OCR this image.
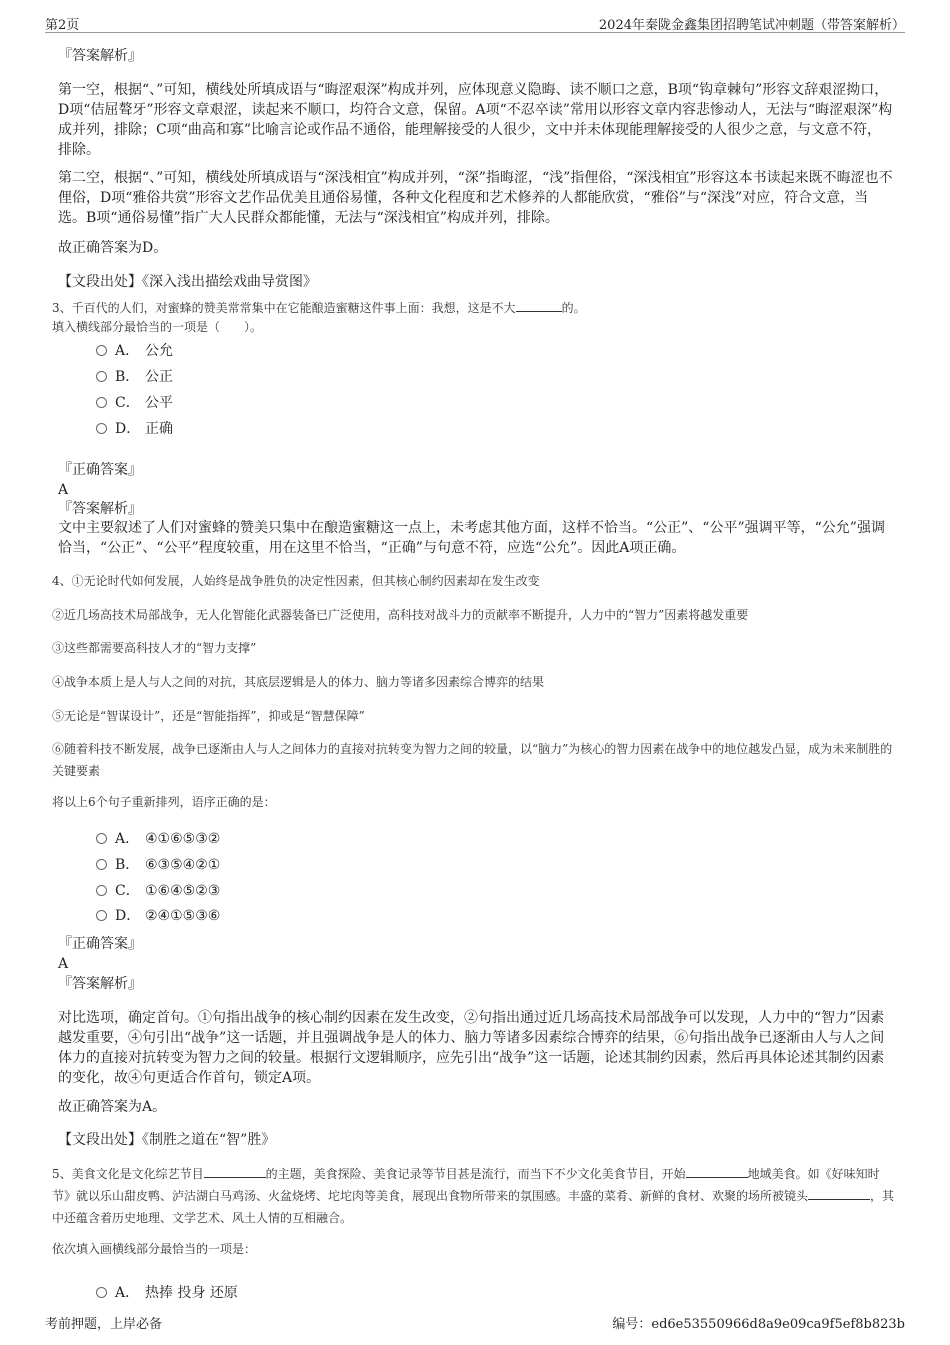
第2页	2024年秦陇金鑫集团招聘笔试冲刺题（带答案解析）
『答案解析』
第一空，根据“、”可知，横线处所填成语与“晦涩艰深”构成并列，应体现意义隐晦、读不顺口之意，B项“钩章棘句”形容文辞艰涩拗口，D项“佶屈聱牙”形容文章艰涩，读起来不顺口，均符合文意，保留。A项“不忍卒读”常用以形容文章内容悲惨动人，无法与“晦涩艰深”构成并列，排除；C项“曲高和寡”比喻言论或作品不通俗，能理解接受的人很少，文中并未体现能理解接受的人很少之意，与文意不符，排除。
第二空，根据“、”可知，横线处所填成语与“深浅相宜”构成并列，“深”指晦涩，“浅”指俚俗，“深浅相宜”形容这本书读起来既不晦涩也不俚俗，D项“雅俗共赏”形容文艺作品优美且通俗易懂，各种文化程度和艺术修养的人都能欣赏，“雅俗”与“深浅”对应，符合文意，当选。B项“通俗易懂”指广大人民群众都能懂，无法与“深浅相宜”构成并列，排除。
故正确答案为D。
【文段出处】《深入浅出描绘戏曲导赏图》
3、千百代的人们，对蜜蜂的赞美常常集中在它能酿造蜜糖这件事上面：我想，这是不大	的。
填入横线部分最恰当的一项是（　　）。
A． 公允
B． 公正
C． 公平
D． 正确
『正确答案』
A
『答案解析』
文中主要叙述了人们对蜜蜂的赞美只集中在酿造蜜糖这一点上，未考虑其他方面，这样不恰当。“公正”、“公平”强调平等，“公允”强调恰当，“公正”、“公平”程度较重，用在这里不恰当，“正确”与句意不符，应选“公允”。因此A项正确。
4、①无论时代如何发展，人始终是战争胜负的决定性因素，但其核心制约因素却在发生改变
②近几场高技术局部战争，无人化智能化武器装备已广泛使用，高科技对战斗力的贡献率不断提升，人力中的“智力”因素将越发重要
③这些都需要高科技人才的“智力支撑”
④战争本质上是人与人之间的对抗，其底层逻辑是人的体力、脑力等诸多因素综合博弈的结果
⑤无论是“智谋设计”，还是“智能指挥”，抑或是“智慧保障”
⑥随着科技不断发展，战争已逐渐由人与人之间体力的直接对抗转变为智力之间的较量，以“脑力”为核心的智力因素在战争中的地位越发凸显，成为未来制胜的关键要素
将以上6个句子重新排列，语序正确的是：
A． ④①⑥⑤③②
B． ⑥③⑤④②①
C． ①⑥④⑤②③
D． ②④①⑤③⑥
『正确答案』
A
『答案解析』
对比选项，确定首句。①句指出战争的核心制约因素在发生改变，②句指出通过近几场高技术局部战争可以发现，人力中的“智力”因素越发重要，④句引出“战争”这一话题，并且强调战争是人的体力、脑力等诸多因素综合博弈的结果，⑥句指出战争已逐渐由人与人之间体力的直接对抗转变为智力之间的较量。根据行文逻辑顺序，应先引出“战争”这一话题，论述其制约因素，然后再具体论述其制约因素的变化，故④句更适合作首句，锁定A项。
故正确答案为A。
【文段出处】《制胜之道在“智”胜》
5、美食文化是文化综艺节目	的主题，美食探险、美食记录等节目甚是流行，而当下不少文化美食节目，开始	地域美食。如《好味知时节》就以乐山甜皮鸭、泸沽湖白马鸡汤、火盆烧烤、坨坨肉等美食，展现出食物所带来的氛围感。丰盛的菜肴、新鲜的食材、欢聚的场所被镜头	，其中还蕴含着历史地理、文学艺术、风土人情的互相融合。
依次填入画横线部分最恰当的一项是：
A． 热捧 投身 还原
考前押题，上岸必备	编号：ed6e53550966d8a9e09ca9f5ef8b823b
